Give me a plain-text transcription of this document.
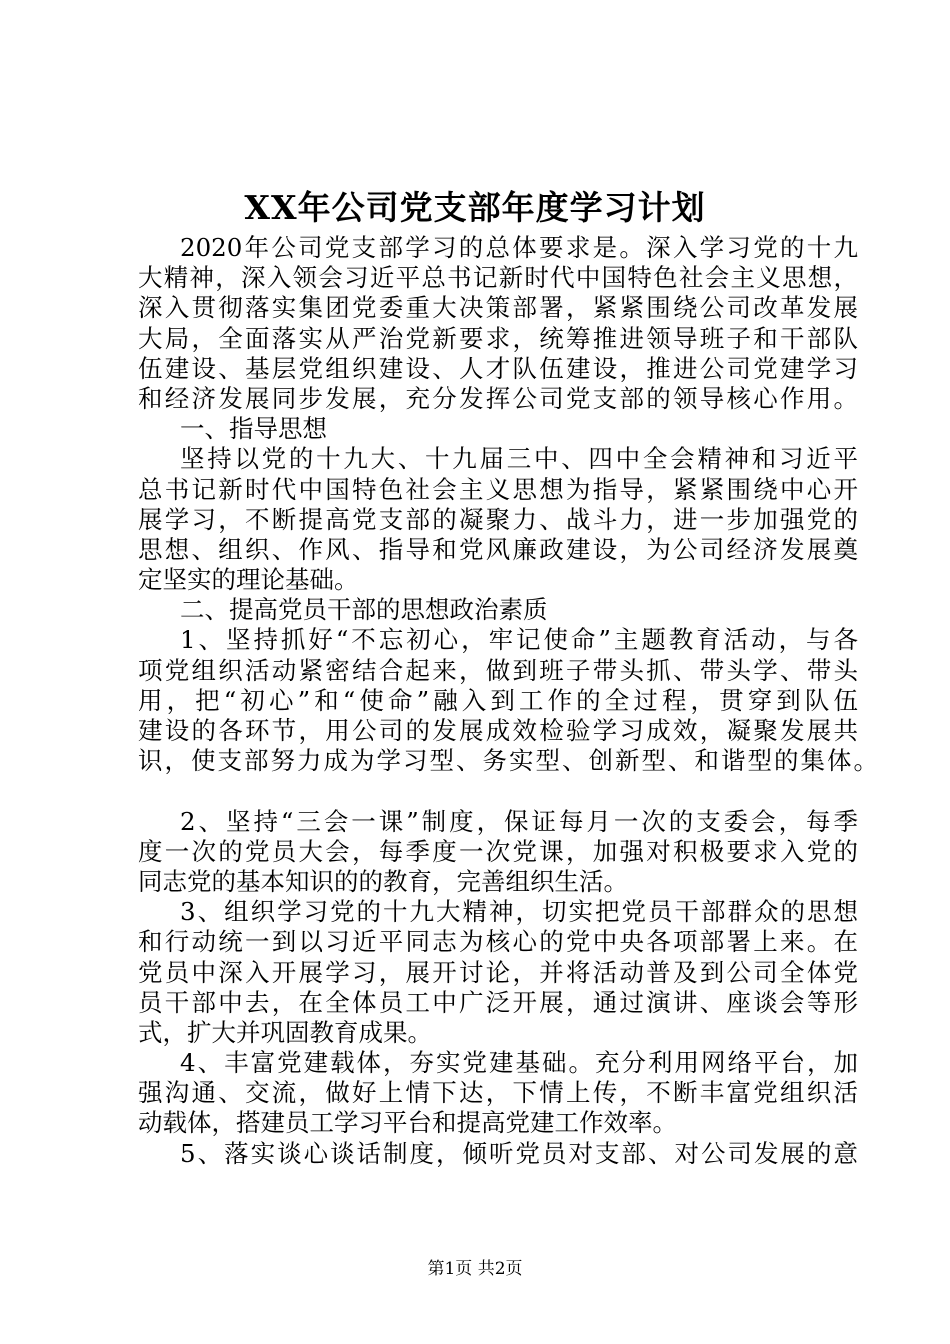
XX年公司党支部年度学习计划
2020年公司党支部学习的总体要求是。深入学习党的十九
大精神，深入领会习近平总书记新时代中国特色社会主义思想，
深入贯彻落实集团党委重大决策部署，紧紧围绕公司改革发展
大局，全面落实从严治党新要求，统筹推进领导班子和干部队
伍建设、基层党组织建设、人才队伍建设，推进公司党建学习
和经济发展同步发展，充分发挥公司党支部的领导核心作用。
一、指导思想
坚持以党的十九大、十九届三中、四中全会精神和习近平
总书记新时代中国特色社会主义思想为指导，紧紧围绕中心开
展学习，不断提高党支部的凝聚力、战斗力，进一步加强党的
思想、组织、作风、指导和党风廉政建设，为公司经济发展奠
定坚实的理论基础。
二、提高党员干部的思想政治素质
1、坚持抓好“不忘初心，牢记使命”主题教育活动，与各
项党组织活动紧密结合起来，做到班子带头抓、带头学、带头
用，把“初心”和“使命”融入到工作的全过程，贯穿到队伍
建设的各环节，用公司的发展成效检验学习成效，凝聚发展共
识，使支部努力成为学习型、务实型、创新型、和谐型的集体。
2、坚持“三会一课”制度，保证每月一次的支委会，每季
度一次的党员大会，每季度一次党课，加强对积极要求入党的
同志党的基本知识的的教育，完善组织生活。
3、组织学习党的十九大精神，切实把党员干部群众的思想
和行动统一到以习近平同志为核心的党中央各项部署上来。在
党员中深入开展学习，展开讨论，并将活动普及到公司全体党
员干部中去，在全体员工中广泛开展，通过演讲、座谈会等形
式，扩大并巩固教育成果。
4、丰富党建载体，夯实党建基础。充分利用网络平台，加
强沟通、交流，做好上情下达，下情上传，不断丰富党组织活
动载体，搭建员工学习平台和提高党建工作效率。
5、落实谈心谈话制度，倾听党员对支部、对公司发展的意
第1页 共2页
